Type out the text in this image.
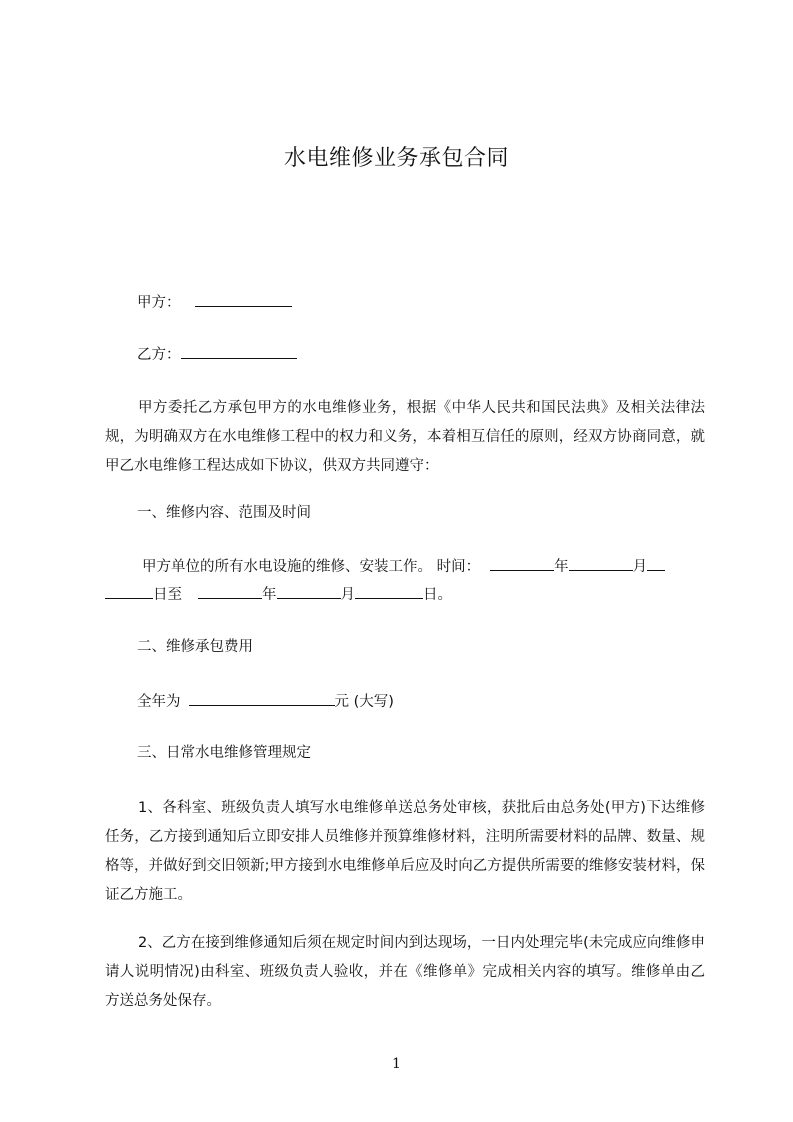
水电维修业务承包合同
甲方：
乙方：
甲方委托乙方承包甲方的水电维修业务，根据《中华人民共和国民法典》及相关法律法规，为明确双方在水电维修工程中的权力和义务，本着相互信任的原则，经双方协商同意，就甲乙水电维修工程达成如下协议，供双方共同遵守：
一、维修内容、范围及时间
甲方单位的所有水电设施的维修、安装工作。 时间：	年	月
日至	年	月	日。
二、维修承包费用
全年为	元 (大写)
三、日常水电维修管理规定
1、各科室、班级负责人填写水电维修单送总务处审核，获批后由总务处(甲方)下达维修任务，乙方接到通知后立即安排人员维修并预算维修材料，注明所需要材料的品牌、数量、规格等，并做好到交旧领新;甲方接到水电维修单后应及时向乙方提供所需要的维修安装材料，保证乙方施工。
2、乙方在接到维修通知后须在规定时间内到达现场，一日内处理完毕(未完成应向维修申请人说明情况)由科室、班级负责人验收，并在《维修单》完成相关内容的填写。维修单由乙方送总务处保存。
1
